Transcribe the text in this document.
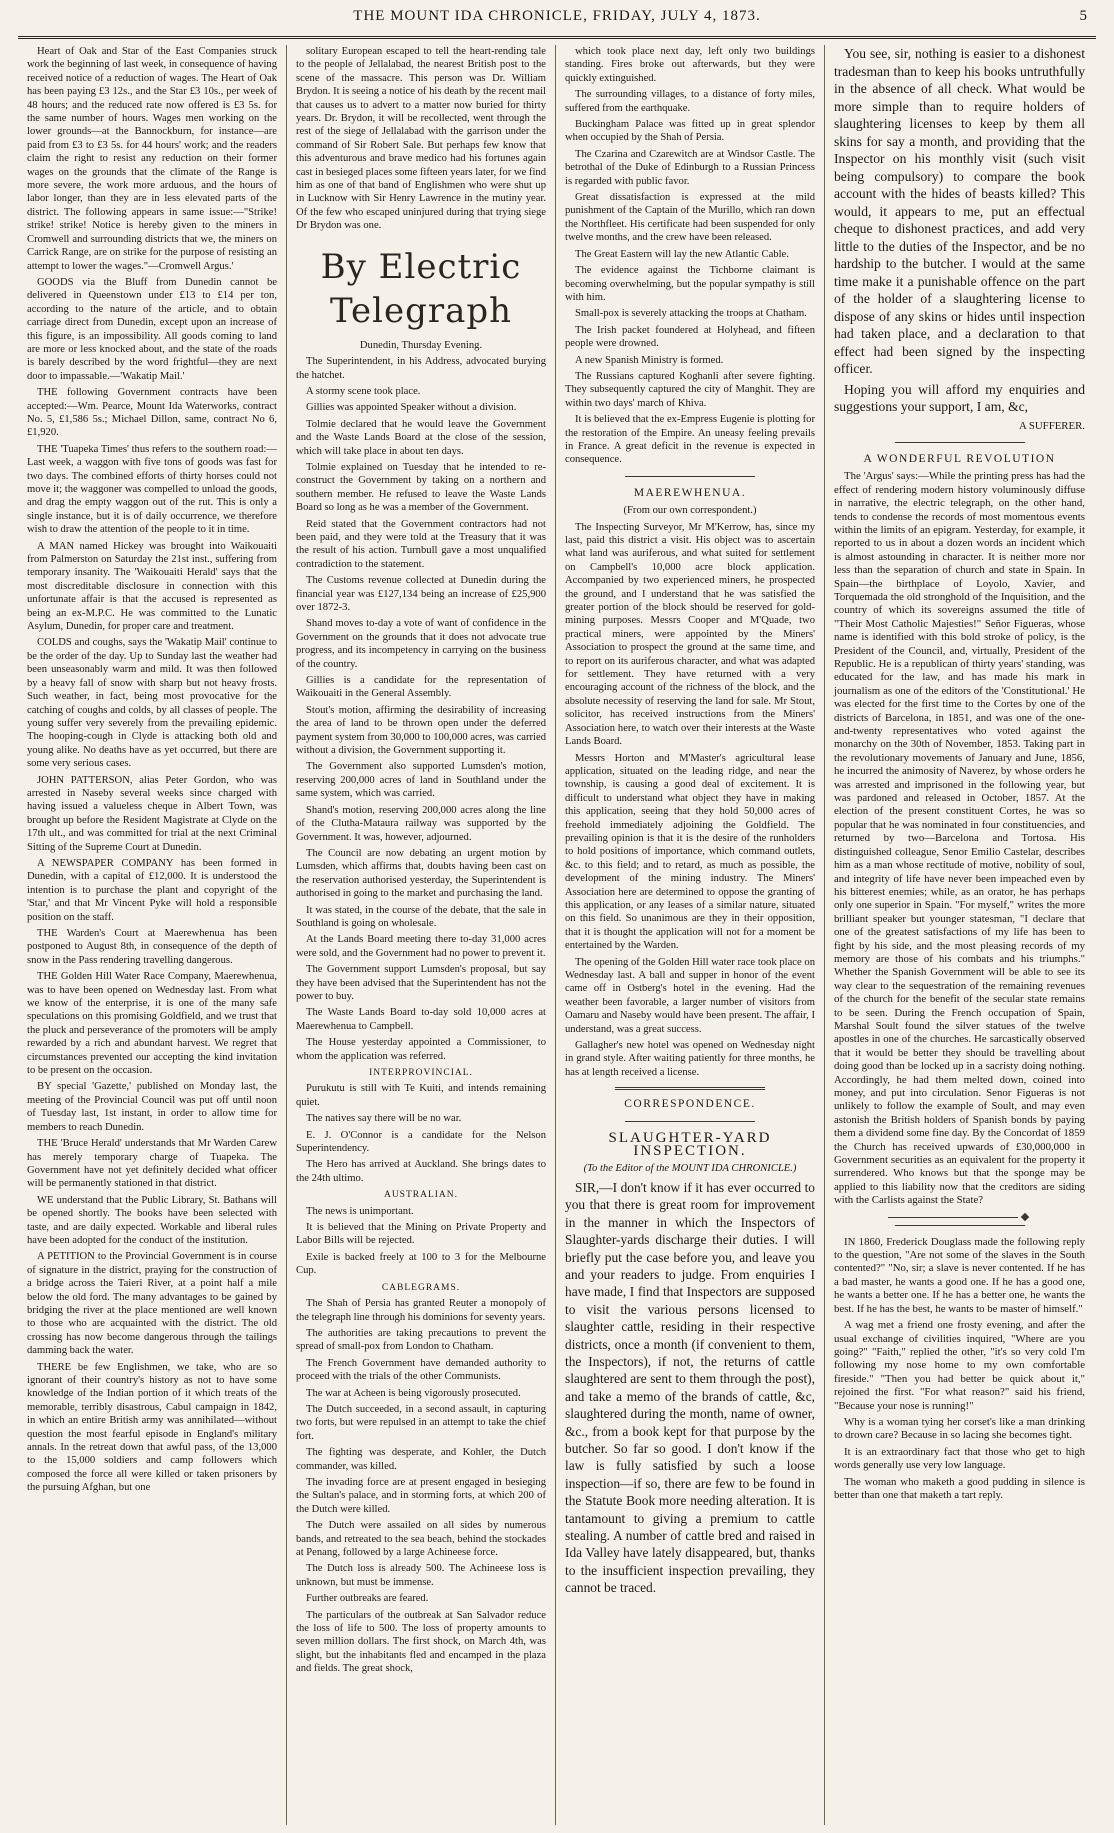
THE MOUNT IDA CHRONICLE, FRIDAY, JULY 4, 1873.	5

Heart of Oak and Star of the East Companies struck work the beginning of last week, in consequence of having received notice of a reduction of wages. The Heart of Oak has been paying £3 12s., and the Star £3 10s., per week of 48 hours; and the reduced rate now offered is £3 5s. for the same number of hours. Wages men working on the lower grounds—at the Bannockburn, for instance—are paid from £3 to £3 5s. for 44 hours' work; and the readers claim the right to resist any reduction on their former wages on the grounds that the climate of the Range is more severe, the work more arduous, and the hours of labor longer, than they are in less elevated parts of the district. The following appears in same issue:—"Strike! strike! strike! Notice is hereby given to the miners in Cromwell and surrounding districts that we, the miners on Carrick Range, are on strike for the purpose of resisting an attempt to lower the wages."—Cromwell Argus.'

GOODS via the Bluff from Dunedin cannot be delivered in Queenstown under £13 to £14 per ton, according to the nature of the article, and to obtain carriage direct from Dunedin, except upon an increase of this figure, is an impossibility. All goods coming to land are more or less knocked about, and the state of the roads is barely described by the word frightful—they are next door to impassable.—'Wakatip Mail.'

THE following Government contracts have been accepted:—Wm. Pearce, Mount Ida Waterworks, contract No. 5, £1,586 5s.; Michael Dillon, same, contract No 6, £1,920.

THE 'Tuapeka Times' thus refers to the southern road:—Last week, a waggon with five tons of goods was fast for two days. The combined efforts of thirty horses could not move it; the waggoner was compelled to unload the goods, and drag the empty waggon out of the rut. This is only a single instance, but it is of daily occurrence, we therefore wish to draw the attention of the people to it in time.

A MAN named Hickey was brought into Waikouaiti from Palmerston on Saturday the 21st inst., suffering from temporary insanity. The 'Waikouaiti Herald' says that the most discreditable disclosure in connection with this unfortunate affair is that the accused is represented as being an ex-M.P.C. He was committed to the Lunatic Asylum, Dunedin, for proper care and treatment.

COLDS and coughs, says the 'Wakatip Mail' continue to be the order of the day. Up to Sunday last the weather had been unseasonably warm and mild. It was then followed by a heavy fall of snow with sharp but not heavy frosts. Such weather, in fact, being most provocative for the catching of coughs and colds, by all classes of people. The young suffer very severely from the prevailing epidemic. The hooping-cough in Clyde is attacking both old and young alike. No deaths have as yet occurred, but there are some very serious cases.

JOHN PATTERSON, alias Peter Gordon, who was arrested in Naseby several weeks since charged with having issued a valueless cheque in Albert Town, was brought up before the Resident Magistrate at Clyde on the 17th ult., and was committed for trial at the next Criminal Sitting of the Supreme Court at Dunedin.

A NEWSPAPER COMPANY has been formed in Dunedin, with a capital of £12,000. It is understood the intention is to purchase the plant and copyright of the 'Star,' and that Mr Vincent Pyke will hold a responsible position on the staff.

THE Warden's Court at Maerewhenua has been postponed to August 8th, in consequence of the depth of snow in the Pass rendering travelling dangerous.

THE Golden Hill Water Race Company, Maerewhenua, was to have been opened on Wednesday last. From what we know of the enterprise, it is one of the many safe speculations on this promising Goldfield, and we trust that the pluck and perseverance of the promoters will be amply rewarded by a rich and abundant harvest. We regret that circumstances prevented our accepting the kind invitation to be present on the occasion.

BY special 'Gazette,' published on Monday last, the meeting of the Provincial Council was put off until noon of Tuesday last, 1st instant, in order to allow time for members to reach Dunedin.

THE 'Bruce Herald' understands that Mr Warden Carew has merely temporary charge of Tuapeka. The Government have not yet definitely decided what officer will be permanently stationed in that district.

WE understand that the Public Library, St. Bathans will be opened shortly. The books have been selected with taste, and are daily expected. Workable and liberal rules have been adopted for the conduct of the institution.

A PETITION to the Provincial Government is in course of signature in the district, praying for the construction of a bridge across the Taieri River, at a point half a mile below the old ford. The many advantages to be gained by bridging the river at the place mentioned are well known to those who are acquainted with the district. The old crossing has now become dangerous through the tailings damming back the water.

THERE be few Englishmen, we take, who are so ignorant of their country's history as not to have some knowledge of the Indian portion of it which treats of the memorable, terribly disastrous, Cabul campaign in 1842, in which an entire British army was annihilated—without question the most fearful episode in England's military annals. In the retreat down that awful pass, of the 13,000 to the 15,000 soldiers and camp followers which composed the force all were killed or taken prisoners by the pursuing Afghan, but one

solitary European escaped to tell the heart-rending tale to the people of Jellalabad, the nearest British post to the scene of the massacre. This person was Dr. William Brydon. It is seeing a notice of his death by the recent mail that causes us to advert to a matter now buried for thirty years. Dr. Brydon, it will be recollected, went through the rest of the siege of Jellalabad with the garrison under the command of Sir Robert Sale. But perhaps few know that this adventurous and brave medico had his fortunes again cast in besieged places some fifteen years later, for we find him as one of that band of Englishmen who were shut up in Lucknow with Sir Henry Lawrence in the mutiny year. Of the few who escaped uninjured during that trying siege Dr Brydon was one.

By Electric Telegraph

Dunedin, Thursday Evening.

The Superintendent, in his Address, advocated burying the hatchet.

A stormy scene took place.

Gillies was appointed Speaker without a division.

Tolmie declared that he would leave the Government and the Waste Lands Board at the close of the session, which will take place in about ten days.

Tolmie explained on Tuesday that he intended to re-construct the Government by taking on a northern and southern member. He refused to leave the Waste Lands Board so long as he was a member of the Government.

Reid stated that the Government contractors had not been paid, and they were told at the Treasury that it was the result of his action. Turnbull gave a most unqualified contradiction to the statement.

The Customs revenue collected at Dunedin during the financial year was £127,134 being an increase of £25,900 over 1872-3.

Shand moves to-day a vote of want of confidence in the Government on the grounds that it does not advocate true progress, and its incompetency in carrying on the business of the country.

Gillies is a candidate for the representation of Waikouaiti in the General Assembly.

Stout's motion, affirming the desirability of increasing the area of land to be thrown open under the deferred payment system from 30,000 to 100,000 acres, was carried without a division, the Government supporting it.

The Government also supported Lumsden's motion, reserving 200,000 acres of land in Southland under the same system, which was carried.

Shand's motion, reserving 200,000 acres along the line of the Clutha-Mataura railway was supported by the Government. It was, however, adjourned.

The Council are now debating an urgent motion by Lumsden, which affirms that, doubts having been cast on the reservation authorised yesterday, the Superintendent is authorised in going to the market and purchasing the land.

It was stated, in the course of the debate, that the sale in Southland is going on wholesale.

At the Lands Board meeting there to-day 31,000 acres were sold, and the Government had no power to prevent it.

The Government support Lumsden's proposal, but say they have been advised that the Superintendent has not the power to buy.

The Waste Lands Board to-day sold 10,000 acres at Maerewhenua to Campbell.

The House yesterday appointed a Commissioner, to whom the application was referred.

INTERPROVINCIAL.

Purukutu is still with Te Kuiti, and intends remaining quiet.

The natives say there will be no war.

E. J. O'Connor is a candidate for the Nelson Superintendency.

The Hero has arrived at Auckland. She brings dates to the 24th ultimo.

AUSTRALIAN.

The news is unimportant.

It is believed that the Mining on Private Property and Labor Bills will be rejected.

Exile is backed freely at 100 to 3 for the Melbourne Cup.

CABLEGRAMS.

The Shah of Persia has granted Reuter a monopoly of the telegraph line through his dominions for seventy years.

The authorities are taking precautions to prevent the spread of small-pox from London to Chatham.

The French Government have demanded authority to proceed with the trials of the other Communists.

The war at Acheen is being vigorously prosecuted.

The Dutch succeeded, in a second assault, in capturing two forts, but were repulsed in an attempt to take the chief fort.

The fighting was desperate, and Kohler, the Dutch commander, was killed.

The invading force are at present engaged in besieging the Sultan's palace, and in storming forts, at which 200 of the Dutch were killed.

The Dutch were assailed on all sides by numerous bands, and retreated to the sea beach, behind the stockades at Penang, followed by a large Achineese force.

The Dutch loss is already 500. The Achineese loss is unknown, but must be immense.

Further outbreaks are feared.

The particulars of the outbreak at San Salvador reduce the loss of life to 500. The loss of property amounts to seven million dollars. The first shock, on March 4th, was slight, but the inhabitants fled and encamped in the plaza and fields. The great shock,

which took place next day, left only two buildings standing. Fires broke out afterwards, but they were quickly extinguished.

The surrounding villages, to a distance of forty miles, suffered from the earthquake.

Buckingham Palace was fitted up in great splendor when occupied by the Shah of Persia.

The Czarina and Czarewitch are at Windsor Castle. The betrothal of the Duke of Edinburgh to a Russian Princess is regarded with public favor.

Great dissatisfaction is expressed at the mild punishment of the Captain of the Murillo, which ran down the Northfleet. His certificate had been suspended for only twelve months, and the crew have been released.

The Great Eastern will lay the new Atlantic Cable.

The evidence against the Tichborne claimant is becoming overwhelming, but the popular sympathy is still with him.

Small-pox is severely attacking the troops at Chatham.

The Irish packet foundered at Holyhead, and fifteen people were drowned.

A new Spanish Ministry is formed.

The Russians captured Koghanli after severe fighting. They subsequently captured the city of Manghit. They are within two days' march of Khiva.

It is believed that the ex-Empress Eugenie is plotting for the restoration of the Empire. An uneasy feeling prevails in France. A great deficit in the revenue is expected in consequence.

MAEREWHENUA.

(From our own correspondent.)

The Inspecting Surveyor, Mr M'Kerrow, has, since my last, paid this district a visit. His object was to ascertain what land was auriferous, and what suited for settlement on Campbell's 10,000 acre block application. Accompanied by two experienced miners, he prospected the ground, and I understand that he was satisfied the greater portion of the block should be reserved for gold-mining purposes. Messrs Cooper and M'Quade, two practical miners, were appointed by the Miners' Association to prospect the ground at the same time, and to report on its auriferous character, and what was adapted for settlement. They have returned with a very encouraging account of the richness of the block, and the absolute necessity of reserving the land for sale. Mr Stout, solicitor, has received instructions from the Miners' Association here, to watch over their interests at the Waste Lands Board.

Messrs Horton and M'Master's agricultural lease application, situated on the leading ridge, and near the township, is causing a good deal of excitement. It is difficult to understand what object they have in making this application, seeing that they hold 50,000 acres of freehold immediately adjoining the Goldfield. The prevailing opinion is that it is the desire of the runholders to hold positions of importance, which command outlets, &c. to this field; and to retard, as much as possible, the development of the mining industry. The Miners' Association here are determined to oppose the granting of this application, or any leases of a similar nature, situated on this field. So unanimous are they in their opposition, that it is thought the application will not for a moment be entertained by the Warden.

The opening of the Golden Hill water race took place on Wednesday last. A ball and supper in honor of the event came off in Ostberg's hotel in the evening. Had the weather been favorable, a larger number of visitors from Oamaru and Naseby would have been present. The affair, I understand, was a great success.

Gallagher's new hotel was opened on Wednesday night in grand style. After waiting patiently for three months, he has at length received a license.

CORRESPONDENCE.
SLAUGHTER-YARD INSPECTION.

(To the Editor of the MOUNT IDA CHRONICLE.)

SIR,—I don't know if it has ever occurred to you that there is great room for improvement in the manner in which the Inspectors of Slaughter-yards discharge their duties. I will briefly put the case before you, and leave you and your readers to judge. From enquiries I have made, I find that Inspectors are supposed to visit the various persons licensed to slaughter cattle, residing in their respective districts, once a month (if convenient to them, the Inspectors), if not, the returns of cattle slaughtered are sent to them through the post), and take a memo of the brands of cattle, &c, slaughtered during the month, name of owner, &c., from a book kept for that purpose by the butcher. So far so good. I don't know if the law is fully satisfied by such a loose inspection—if so, there are few to be found in the Statute Book more needing alteration. It is tantamount to giving a premium to cattle stealing. A number of cattle bred and raised in Ida Valley have lately disappeared, but, thanks to the insufficient inspection prevailing, they cannot be traced.

You see, sir, nothing is easier to a dishonest tradesman than to keep his books untruthfully in the absence of all check. What would be more simple than to require holders of slaughtering licenses to keep by them all skins for say a month, and providing that the Inspector on his monthly visit (such visit being compulsory) to compare the book account with the hides of beasts killed? This would, it appears to me, put an effectual cheque to dishonest practices, and add very little to the duties of the Inspector, and be no hardship to the butcher. I would at the same time make it a punishable offence on the part of the holder of a slaughtering license to dispose of any skins or hides until inspection had taken place, and a declaration to that effect had been signed by the inspecting officer.

Hoping you will afford my enquiries and suggestions your support, I am, &c,

A SUFFERER.
A WONDERFUL REVOLUTION

The 'Argus' says:—While the printing press has had the effect of rendering modern history voluminously diffuse in narrative, the electric telegraph, on the other hand, tends to condense the records of most momentous events within the limits of an epigram. Yesterday, for example, it reported to us in about a dozen words an incident which is almost astounding in character. It is neither more nor less than the separation of church and state in Spain. In Spain—the birthplace of Loyolo, Xavier, and Torquemada the old stronghold of the Inquisition, and the country of which its sovereigns assumed the title of "Their Most Catholic Majesties!" Señor Figueras, whose name is identified with this bold stroke of policy, is the President of the Council, and, virtually, President of the Republic. He is a republican of thirty years' standing, was educated for the law, and has made his mark in journalism as one of the editors of the 'Constitutional.' He was elected for the first time to the Cortes by one of the districts of Barcelona, in 1851, and was one of the one-and-twenty representatives who voted against the monarchy on the 30th of November, 1853. Taking part in the revolutionary movements of January and June, 1856, he incurred the animosity of Naverez, by whose orders he was arrested and imprisoned in the following year, but was pardoned and released in October, 1857. At the election of the present constituent Cortes, he was so popular that he was nominated in four constituencies, and returned by two—Barcelona and Tortosa. His distinguished colleague, Senor Emilio Castelar, describes him as a man whose rectitude of motive, nobility of soul, and integrity of life have never been impeached even by his bitterest enemies; while, as an orator, he has perhaps only one superior in Spain. "For myself," writes the more brilliant speaker but younger statesman, "I declare that one of the greatest satisfactions of my life has been to fight by his side, and the most pleasing records of my memory are those of his combats and his triumphs." Whether the Spanish Government will be able to see its way clear to the sequestration of the remaining revenues of the church for the benefit of the secular state remains to be seen. During the French occupation of Spain, Marshal Soult found the silver statues of the twelve apostles in one of the churches. He sarcastically observed that it would be better they should be travelling about doing good than be locked up in a sacristy doing nothing. Accordingly, he had them melted down, coined into money, and put into circulation. Senor Figueras is not unlikely to follow the example of Soult, and may even astonish the British holders of Spanish bonds by paying them a dividend some fine day. By the Concordat of 1859 the Church has received upwards of £30,000,000 in Government securities as an equivalent for the property it surrendered. Who knows but that the sponge may be applied to this liability now that the creditors are siding with the Carlists against the State?

IN 1860, Frederick Douglass made the following reply to the question, "Are not some of the slaves in the South contented?" "No, sir; a slave is never contented. If he has a bad master, he wants a good one. If he has a good one, he wants a better one. If he has a better one, he wants the best. If he has the best, he wants to be master of himself."

A wag met a friend one frosty evening, and after the usual exchange of civilities inquired, "Where are you going?" "Faith," replied the other, "it's so very cold I'm following my nose home to my own comfortable fireside." "Then you had better be quick about it," rejoined the first. "For what reason?" said his friend, "Because your nose is running!"

Why is a woman tying her corset's like a man drinking to drown care? Because in so lacing she becomes tight.

It is an extraordinary fact that those who get to high words generally use very low language.

The woman who maketh a good pudding in silence is better than one that maketh a tart reply.
